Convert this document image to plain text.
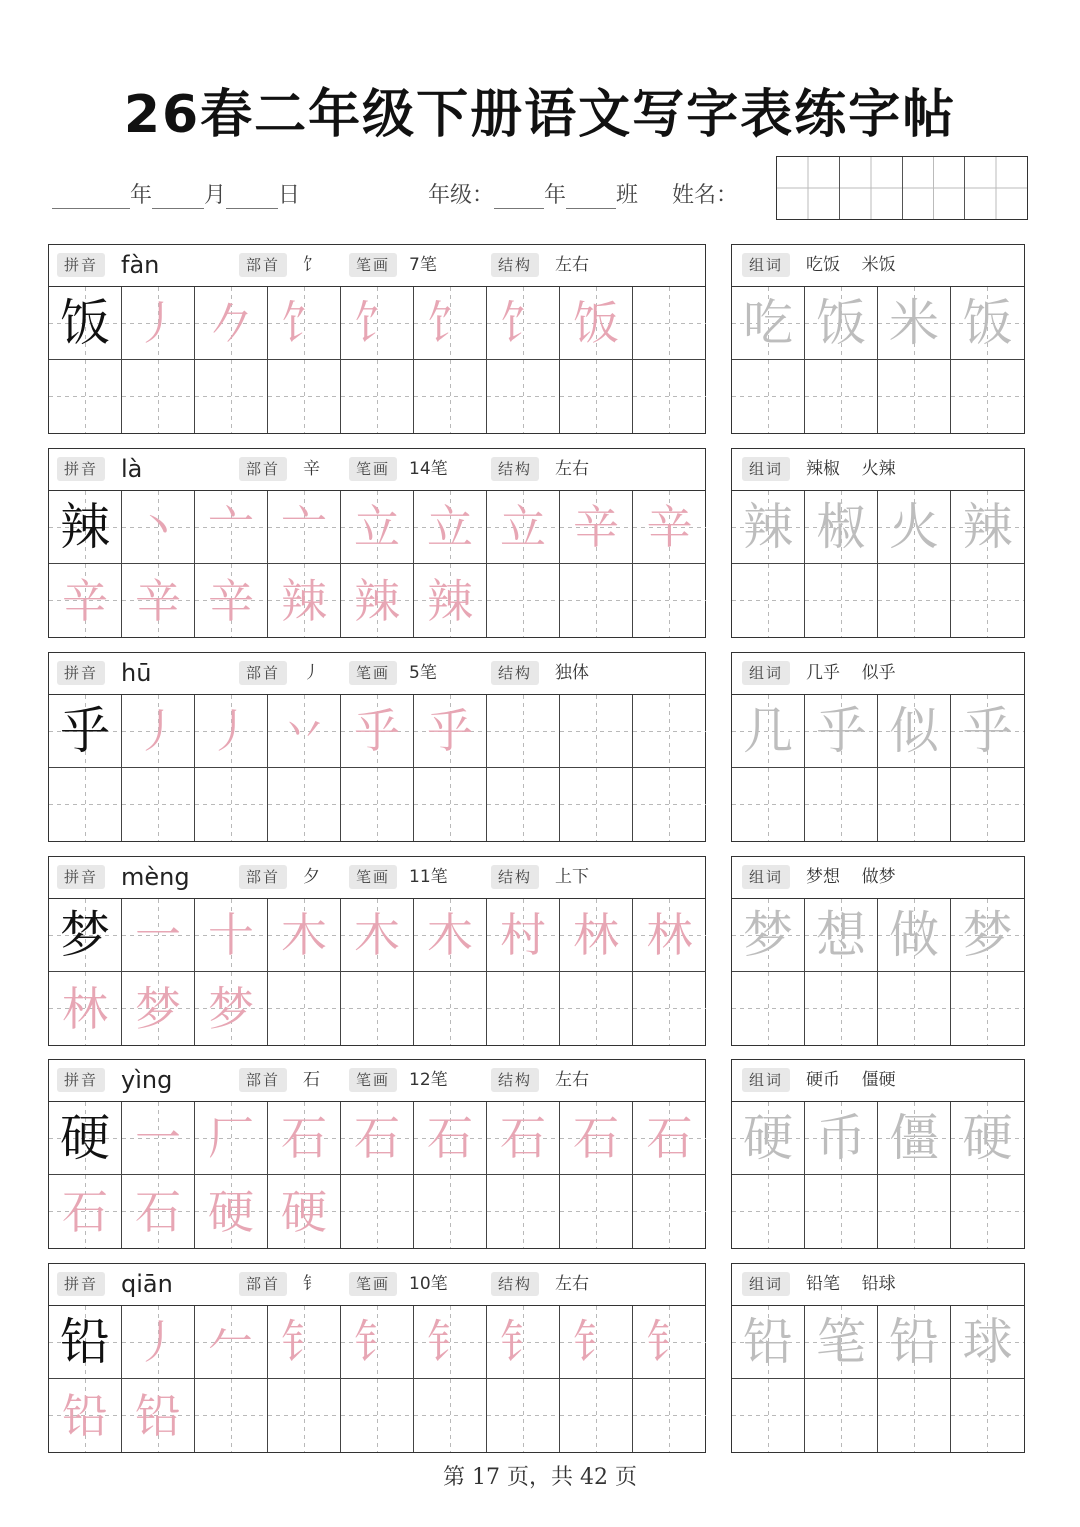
26春二年级下册语文写字表练字帖
年 月 日	年级： 年 班 姓名：
拼音 fàn	部首	饣	笔画	7笔	结构	左右
饭 丿 𠂊 饣 饣 饣 饣 饭
组词	吃饭    米饭
吃 饭 米 饭
拼音 là	部首	辛	笔画	14笔	结构	左右
辣 丶 亠 亠 立 立 立 辛 辛
辛 辛 辛 辣 辣 辣
组词	辣椒    火辣
辣 椒 火 辣
拼音 hū	部首	丿	笔画	5笔	结构	独体
乎 丿 丿 丷 乎 乎
组词	几乎    似乎
几 乎 似 乎
拼音 mèng	部首	夕	笔画	11笔	结构	上下
梦 一 十 木 木 木 村 林 林
林 梦 梦
组词	梦想    做梦
梦 想 做 梦
拼音 yìng	部首	石	笔画	12笔	结构	左右
硬 一 厂 石 石 石 石 石 石
石 石 硬 硬
组词	硬币    僵硬
硬 币 僵 硬
拼音 qiān	部首	钅	笔画	10笔	结构	左右
铅 丿 𠂉 钅 钅 钅 钅 钅 钅
铅 铅
组词	铅笔    铅球
铅 笔 铅 球
第 17 页，共 42 页
